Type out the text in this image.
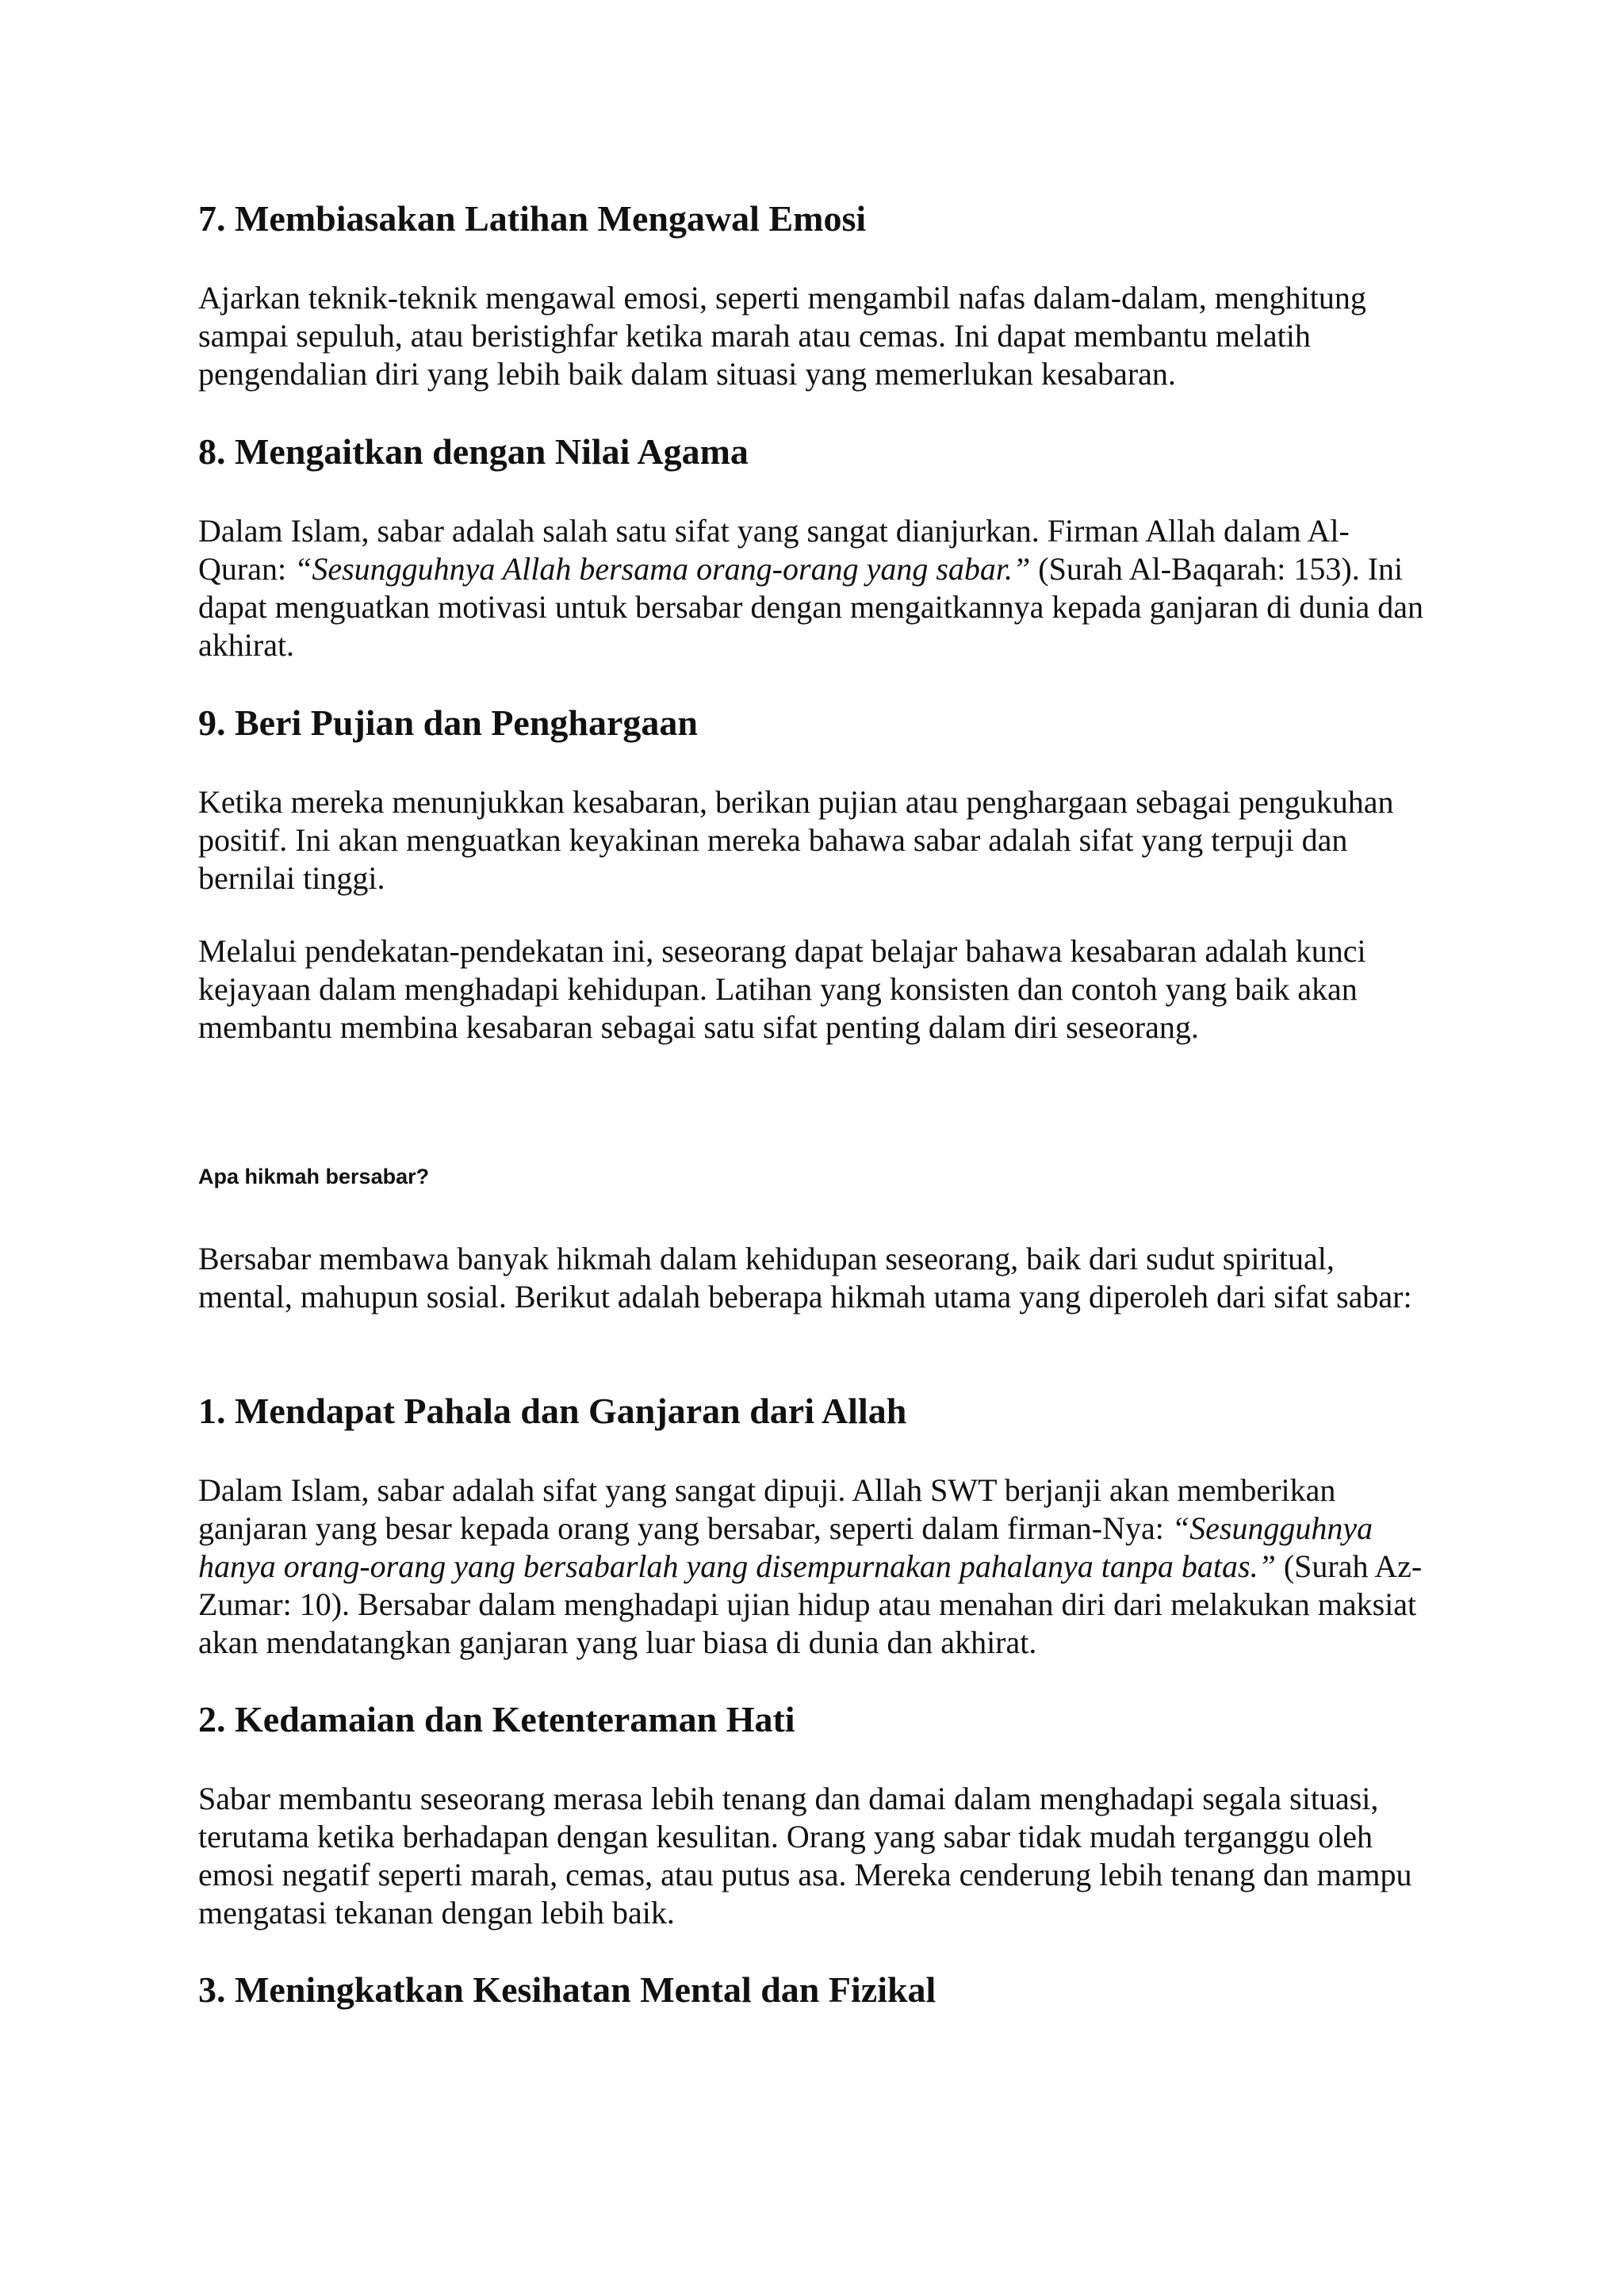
7. Membiasakan Latihan Mengawal Emosi

Ajarkan teknik-teknik mengawal emosi, seperti mengambil nafas dalam-dalam, menghitung sampai sepuluh, atau beristighfar ketika marah atau cemas. Ini dapat membantu melatih pengendalian diri yang lebih baik dalam situasi yang memerlukan kesabaran.

8. Mengaitkan dengan Nilai Agama

Dalam Islam, sabar adalah salah satu sifat yang sangat dianjurkan. Firman Allah dalam Al-Quran: “Sesungguhnya Allah bersama orang-orang yang sabar.” (Surah Al-Baqarah: 153). Ini dapat menguatkan motivasi untuk bersabar dengan mengaitkannya kepada ganjaran di dunia dan akhirat.

9. Beri Pujian dan Penghargaan

Ketika mereka menunjukkan kesabaran, berikan pujian atau penghargaan sebagai pengukuhan positif. Ini akan menguatkan keyakinan mereka bahawa sabar adalah sifat yang terpuji dan bernilai tinggi.

Melalui pendekatan-pendekatan ini, seseorang dapat belajar bahawa kesabaran adalah kunci kejayaan dalam menghadapi kehidupan. Latihan yang konsisten dan contoh yang baik akan membantu membina kesabaran sebagai satu sifat penting dalam diri seseorang.

Apa hikmah bersabar?

Bersabar membawa banyak hikmah dalam kehidupan seseorang, baik dari sudut spiritual, mental, mahupun sosial. Berikut adalah beberapa hikmah utama yang diperoleh dari sifat sabar:

1. Mendapat Pahala dan Ganjaran dari Allah

Dalam Islam, sabar adalah sifat yang sangat dipuji. Allah SWT berjanji akan memberikan ganjaran yang besar kepada orang yang bersabar, seperti dalam firman-Nya: “Sesungguhnya hanya orang-orang yang bersabarlah yang disempurnakan pahalanya tanpa batas.” (Surah Az-Zumar: 10). Bersabar dalam menghadapi ujian hidup atau menahan diri dari melakukan maksiat akan mendatangkan ganjaran yang luar biasa di dunia dan akhirat.

2. Kedamaian dan Ketenteraman Hati

Sabar membantu seseorang merasa lebih tenang dan damai dalam menghadapi segala situasi, terutama ketika berhadapan dengan kesulitan. Orang yang sabar tidak mudah terganggu oleh emosi negatif seperti marah, cemas, atau putus asa. Mereka cenderung lebih tenang dan mampu mengatasi tekanan dengan lebih baik.

3. Meningkatkan Kesihatan Mental dan Fizikal
